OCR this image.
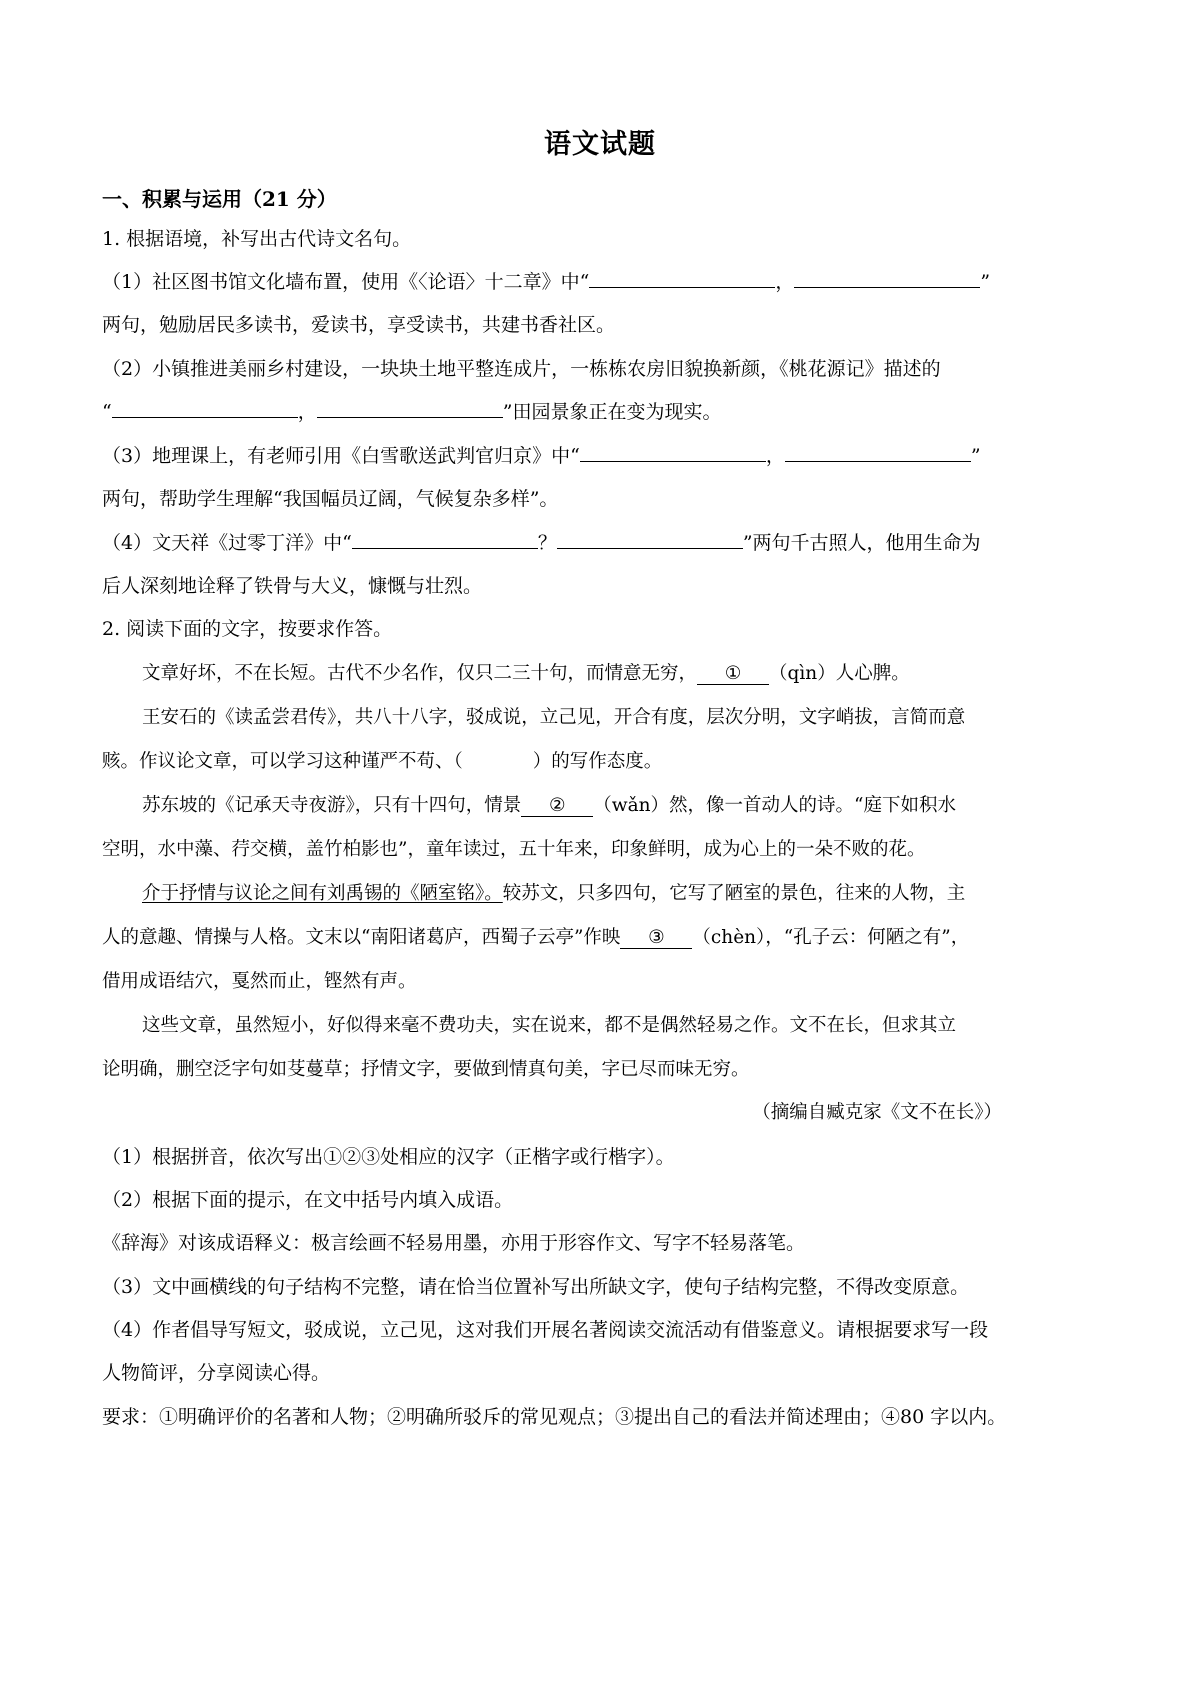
语文试题
一、积累与运用（21 分）
1. 根据语境，补写出古代诗文名句。
（1）社区图书馆文化墙布置，使用《〈论语〉十二章》中“	，	”
两句，勉励居民多读书，爱读书，享受读书，共建书香社区。
（2）小镇推进美丽乡村建设，一块块土地平整连成片，一栋栋农房旧貌换新颜，《桃花源记》描述的
“	，	”田园景象正在变为现实。
（3）地理课上，有老师引用《白雪歌送武判官归京》中“	，	”
两句，帮助学生理解“我国幅员辽阔，气候复杂多样”。
（4）文天祥《过零丁洋》中“	？	”两句千古照人，他用生命为
后人深刻地诠释了铁骨与大义，慷慨与壮烈。
2. 阅读下面的文字，按要求作答。
文章好坏，不在长短。古代不少名作，仅只二三十句，而情意无穷， ① （qìn）人心脾。
王安石的《读孟尝君传》，共八十八字，驳成说，立己见，开合有度，层次分明，文字峭拔，言简而意
赅。作议论文章，可以学习这种谨严不苟、（	）的写作态度。
苏东坡的《记承天寺夜游》，只有十四句，情景 ② （wǎn）然，像一首动人的诗。“庭下如积水
空明，水中藻、荇交横，盖竹柏影也”，童年读过，五十年来，印象鲜明，成为心上的一朵不败的花。
介于抒情与议论之间有刘禹锡的《陋室铭》。较苏文，只多四句，它写了陋室的景色，往来的人物，主
人的意趣、情操与人格。文末以“南阳诸葛庐，西蜀子云亭”作映 ③ （chèn），“孔子云：何陋之有”，
借用成语结穴，戛然而止，铿然有声。
这些文章，虽然短小，好似得来毫不费功夫，实在说来，都不是偶然轻易之作。文不在长，但求其立
论明确，删空泛字句如芟蔓草；抒情文字，要做到情真句美，字已尽而味无穷。
（摘编自臧克家《文不在长》）
（1）根据拼音，依次写出①②③处相应的汉字（正楷字或行楷字）。
（2）根据下面的提示，在文中括号内填入成语。
《辞海》对该成语释义：极言绘画不轻易用墨，亦用于形容作文、写字不轻易落笔。
（3）文中画横线的句子结构不完整，请在恰当位置补写出所缺文字，使句子结构完整，不得改变原意。
（4）作者倡导写短文，驳成说，立己见，这对我们开展名著阅读交流活动有借鉴意义。请根据要求写一段
人物简评，分享阅读心得。
要求：①明确评价的名著和人物；②明确所驳斥的常见观点；③提出自己的看法并简述理由；④80 字以内。
